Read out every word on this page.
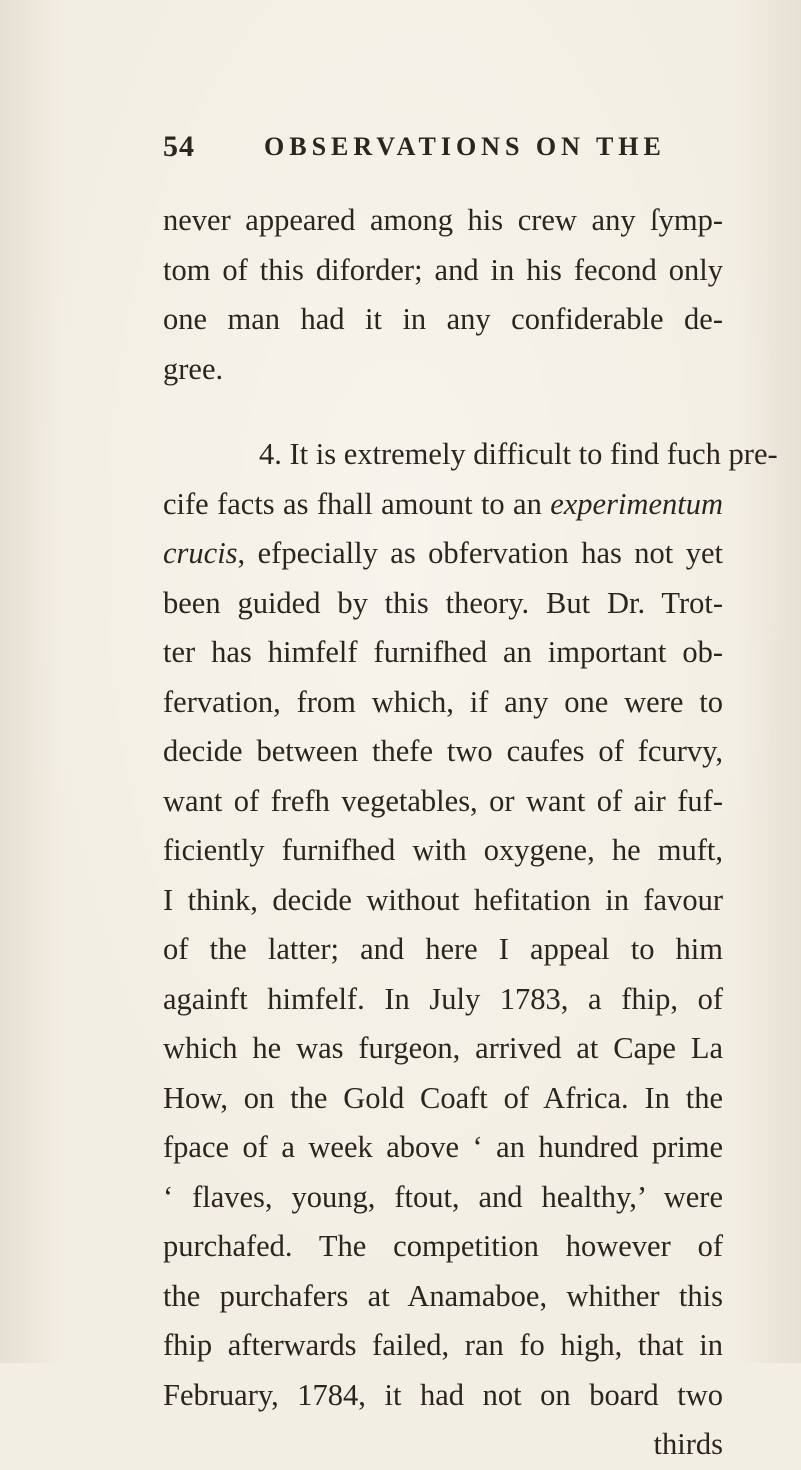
54	OBSERVATIONS ON THE
never appeared among his crew any ſymp-
tom of this diforder; and in his fecond only
one man had it in any confiderable de-
gree.
4. It is extremely difficult to find fuch pre-
cife facts as fhall amount to an experimentum
crucis, efpecially as obfervation has not yet
been guided by this theory. But Dr. Trot-
ter has himfelf furnifhed an important ob-
fervation, from which, if any one were to
decide between thefe two caufes of fcurvy,
want of frefh vegetables, or want of air fuf-
ficiently furnifhed with oxygene, he muft,
I think, decide without hefitation in favour
of the latter; and here I appeal to him
againft himfelf. In July 1783, a fhip, of
which he was furgeon, arrived at Cape La
How, on the Gold Coaft of Africa. In the
fpace of a week above ‘ an hundred prime
‘ flaves, young, ftout, and healthy,’ were
purchafed. The competition however of
the purchafers at Anamaboe, whither this
fhip afterwards failed, ran fo high, that in
February, 1784, it had not on board two
thirds
